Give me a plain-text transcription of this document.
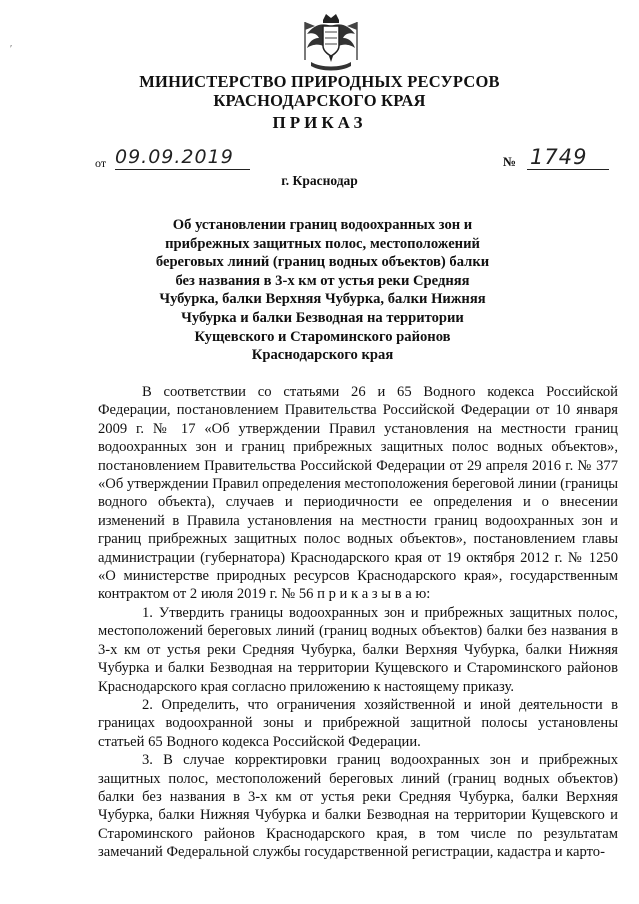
ʹ
МИНИСТЕРСТВО ПРИРОДНЫХ РЕСУРСОВ
КРАСНОДАРСКОГО КРАЯ
ПРИКАЗ
от 09.09.2019	№ 1749
г. Краснодар
Об установлении границ водоохранных зон и
прибрежных защитных полос, местоположений
береговых линий (границ водных объектов) балки
без названия в 3-х км от устья реки Средняя
Чубурка, балки Верхняя Чубурка, балки Нижняя
Чубурка и балки Безводная на территории
Кущевского и Староминского районов
Краснодарского края

В соответствии со статьями 26 и 65 Водного кодекса Российской Федерации, постановлением Правительства Российской Федерации от 10 января 2009 г. № 17 «Об утверждении Правил установления на местности границ водоохранных зон и границ прибрежных защитных полос водных объектов», постановлением Правительства Российской Федерации от 29 апреля 2016 г. № 377 «Об утверждении Правил определения местоположения береговой линии (границы водного объекта), случаев и периодичности ее определения и о внесении изменений в Правила установления на местности границ водоохранных зон и границ прибрежных защитных полос водных объектов», постановлением главы администрации (губернатора) Краснодарского края от 19 октября 2012 г. № 1250 «О министерстве природных ресурсов Краснодарского края», государственным контрактом от 2 июля 2019 г. № 56 п р и к а з ы в а ю:

1. Утвердить границы водоохранных зон и прибрежных защитных полос, местоположений береговых линий (границ водных объектов) балки без названия в 3-х км от устья реки Средняя Чубурка, балки Верхняя Чубурка, балки Нижняя Чубурка и балки Безводная на территории Кущевского и Староминского районов Краснодарского края согласно приложению к настоящему приказу.

2. Определить, что ограничения хозяйственной и иной деятельности в границах водоохранной зоны и прибрежной защитной полосы установлены статьей 65 Водного кодекса Российской Федерации.

3. В случае корректировки границ водоохранных зон и прибрежных защитных полос, местоположений береговых линий (границ водных объектов) балки без названия в 3-х км от устья реки Средняя Чубурка, балки Верхняя Чубурка, балки Нижняя Чубурка и балки Безводная на территории Кущевского и Староминского районов Краснодарского края, в том числе по результатам замечаний Федеральной службы государственной регистрации, кадастра и карто-
